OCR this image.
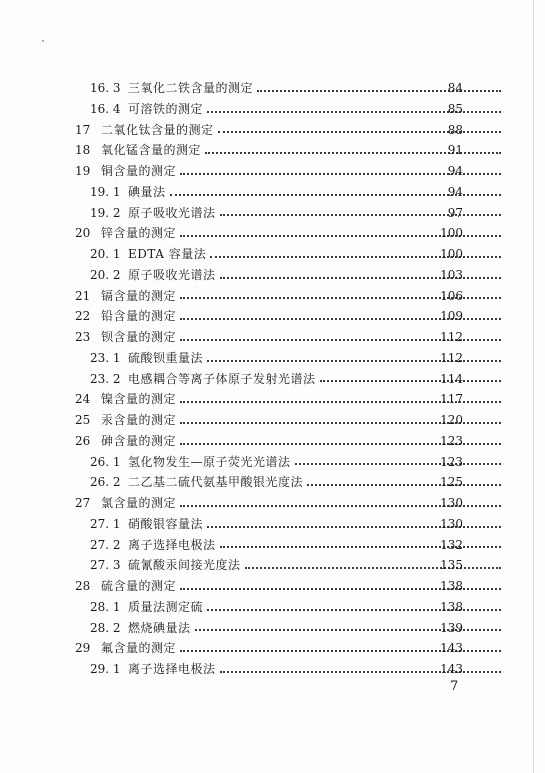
16. 3 三氧化二铁含量的测定	84
16. 4 可溶铁的测定	85
17 二氧化钛含量的测定	88
18 氧化锰含量的测定	91
19 铜含量的测定	94
19. 1 碘量法	94
19. 2 原子吸收光谱法	97
20 锌含量的测定	100
20. 1 EDTA 容量法	100
20. 2 原子吸收光谱法	103
21 镉含量的测定	106
22 铅含量的测定	109
23 钡含量的测定	112
23. 1 硫酸钡重量法	112
23. 2 电感耦合等离子体原子发射光谱法	114
24 镍含量的测定	117
25 汞含量的测定	120
26 砷含量的测定	123
26. 1 氢化物发生—原子荧光光谱法	123
26. 2 二乙基二硫代氨基甲酸银光度法	125
27 氯含量的测定	130
27. 1 硝酸银容量法	130
27. 2 离子选择电极法	132
27. 3 硫氰酸汞间接光度法	135
28 硫含量的测定	138
28. 1 质量法测定硫	138
28. 2 燃烧碘量法	139
29 氟含量的测定	143
29. 1 离子选择电极法	143
7
